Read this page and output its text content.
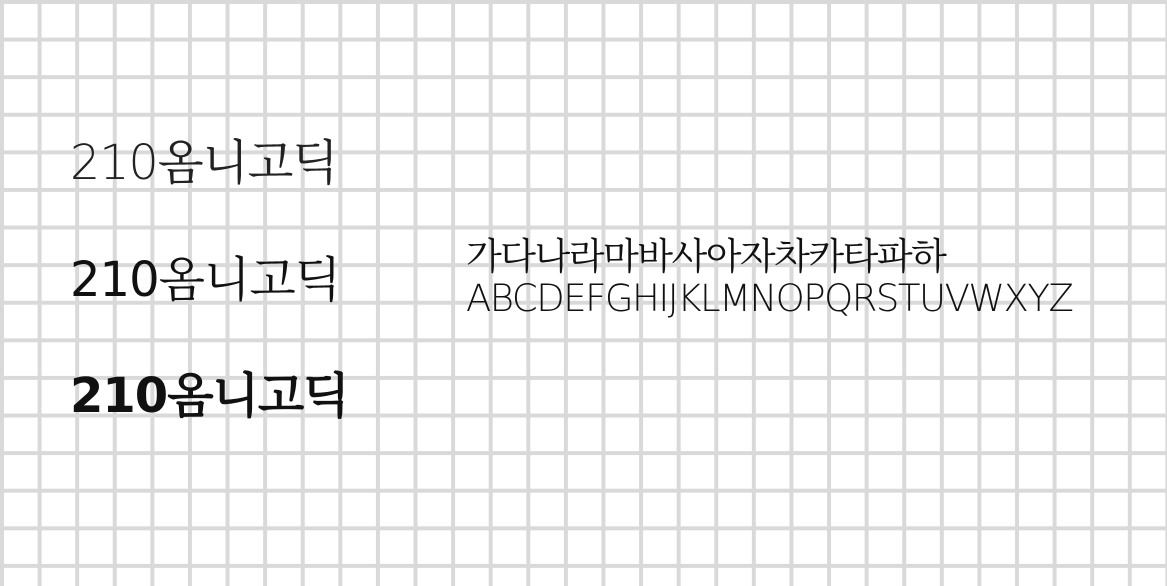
210옴니고딕

210옴니고딕

210옴니고딕

가다나라마바사아자차카타파하
ABCDEFGHIJKLMNOPQRSTUVWXYZ
